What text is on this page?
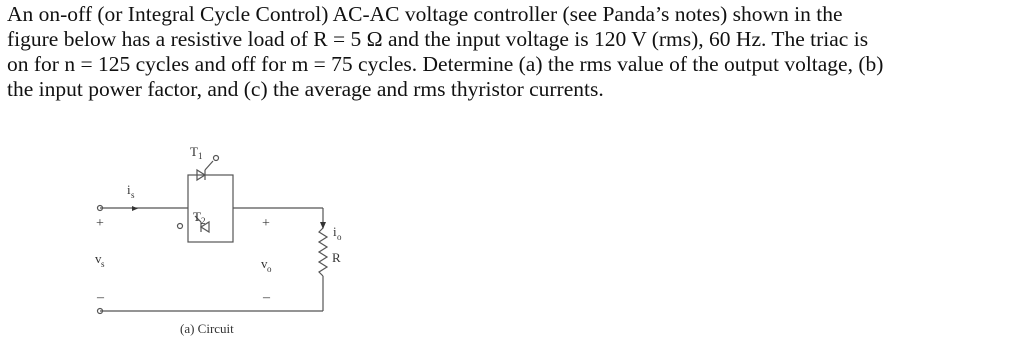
An on-off (or Integral Cycle Control) AC-AC voltage controller (see Panda’s notes) shown in the

figure below has a resistive load of R = 5 Ω and the input voltage is 120 V (rms), 60 Hz. The triac is

on for n = 125 cycles and off for m = 75 cycles. Determine (a) the rms value of the output voltage, (b)

the input power factor, and (c) the average and rms thyristor currents.

T 1
T 2
i s
i o
v s	v o
+
–
+
–
R
(a) Circuit
